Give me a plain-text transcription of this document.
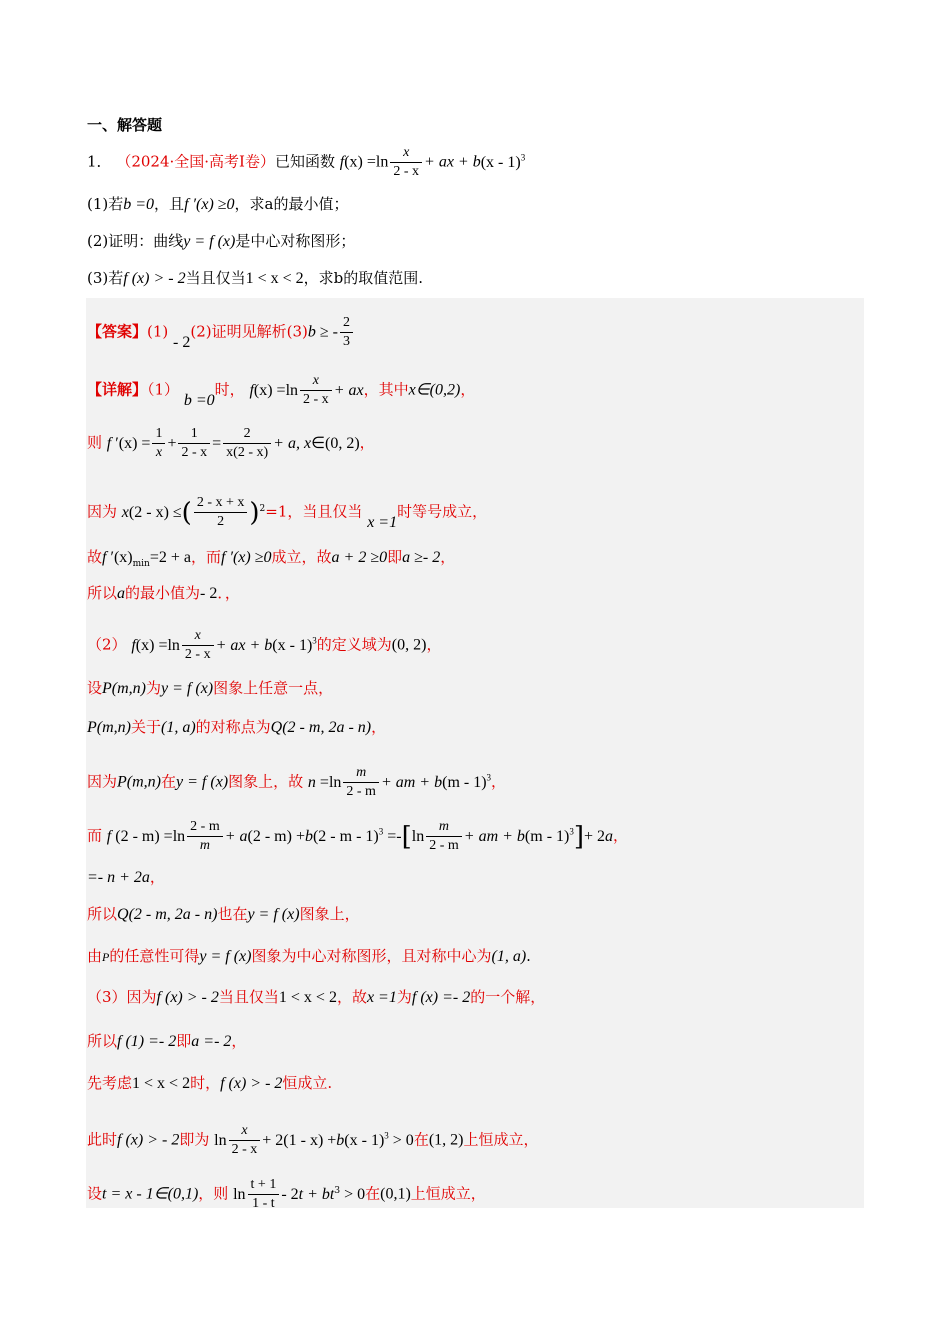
一、解答题
1． （2024·全国·高考Ⅰ卷）已知函数 $f(x) =\ln \frac{x}{2 - x}$ + ax + b(x - 1)$^3$
(1)若b =0，且f ′(x) ≥0，求a的最小值；
(2)证明：曲线y = f (x)是中心对称图形；
(3)若f (x) > - 2当且仅当1 < x < 2，求b的取值范围.
【答案】(1) - 2(2)证明见解析(3)b ≥ - $\frac{2}{3}$
【详解】（1） b =0时， $f(x) =\ln \frac{x}{2 - x}$ + ax，其中x∈(0,2)，
则 f $'(x) = \frac{1}{x} + \frac{1}{2 - x} = \frac{2}{x(2 - x)} + a$, x∈(0, 2)，
因为 x(2 - x) ≤( $\frac{2 - x + x}{2} )^2=1$，当且仅当 x =1时等号成立，
故f $'(x)_{min}=2 + a$，而f ′(x) ≥0成立，故a + 2 ≥0即a ≥- 2，
所以a的最小值为- 2．，
（2） $f(x) =\ln \frac{x}{2 - x}$ + ax + b(x - 1)$^3$的定义域为(0, 2)，
设P(m,n)为y = f (x)图象上任意一点，
P(m,n)关于(1, a)的对称点为Q(2 - m, 2a - n)，
因为P(m,n)在y = f (x)图象上，故 $n =\ln \frac{m}{2 - m}$ + am + b(m - 1)$^3$，
而 f $(2 - m) =\ln \frac{2 - m}{m} + a(2 - m) +b(2 - m - 1)^3 =-[\ln \frac{m}{2 - m}$ + am + b(m - 1)$^3$]+ 2a，
=- n + 2a，
所以Q(2 - m, 2a - n)也在y = f (x)图象上，
由P的任意性可得y = f (x)图象为中心对称图形，且对称中心为(1, a).
（3）因为f (x) > - 2当且仅当1 < x < 2，故x =1为f (x) =- 2的一个解，
所以f (1) =- 2即a =- 2，
先考虑1 < x < 2时，f (x) > - 2恒成立.
此时f (x) > - 2即为 $\ln \frac{x}{2 - x} + 2(1 - x) +b(x - 1)^3 > 0$在(1, 2)上恒成立，
设t = x - 1∈(0,1)，则 $\ln \frac{t + 1}{1 - t} - 2t + bt^3 > 0$在(0,1)上恒成立，
